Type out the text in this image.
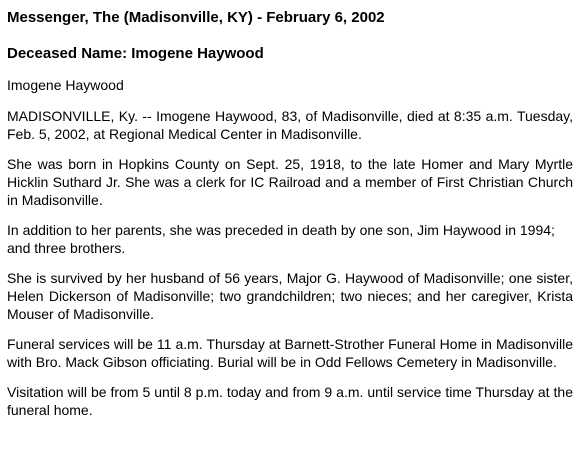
Messenger, The (Madisonville, KY) - February 6, 2002
Deceased Name: Imogene Haywood
Imogene Haywood
MADISONVILLE, Ky. -- Imogene Haywood, 83, of Madisonville, died at 8:35 a.m. Tuesday, Feb. 5, 2002, at Regional Medical Center in Madisonville.
She was born in Hopkins County on Sept. 25, 1918, to the late Homer and Mary Myrtle Hicklin Suthard Jr. She was a clerk for IC Railroad and a member of First Christian Church in Madisonville.
In addition to her parents, she was preceded in death by one son, Jim Haywood in 1994; and three brothers.
She is survived by her husband of 56 years, Major G. Haywood of Madisonville; one sister, Helen Dickerson of Madisonville; two grandchildren; two nieces; and her caregiver, Krista Mouser of Madisonville.
Funeral services will be 11 a.m. Thursday at Barnett-Strother Funeral Home in Madisonville with Bro. Mack Gibson officiating. Burial will be in Odd Fellows Cemetery in Madisonville.
Visitation will be from 5 until 8 p.m. today and from 9 a.m. until service time Thursday at the funeral home.
